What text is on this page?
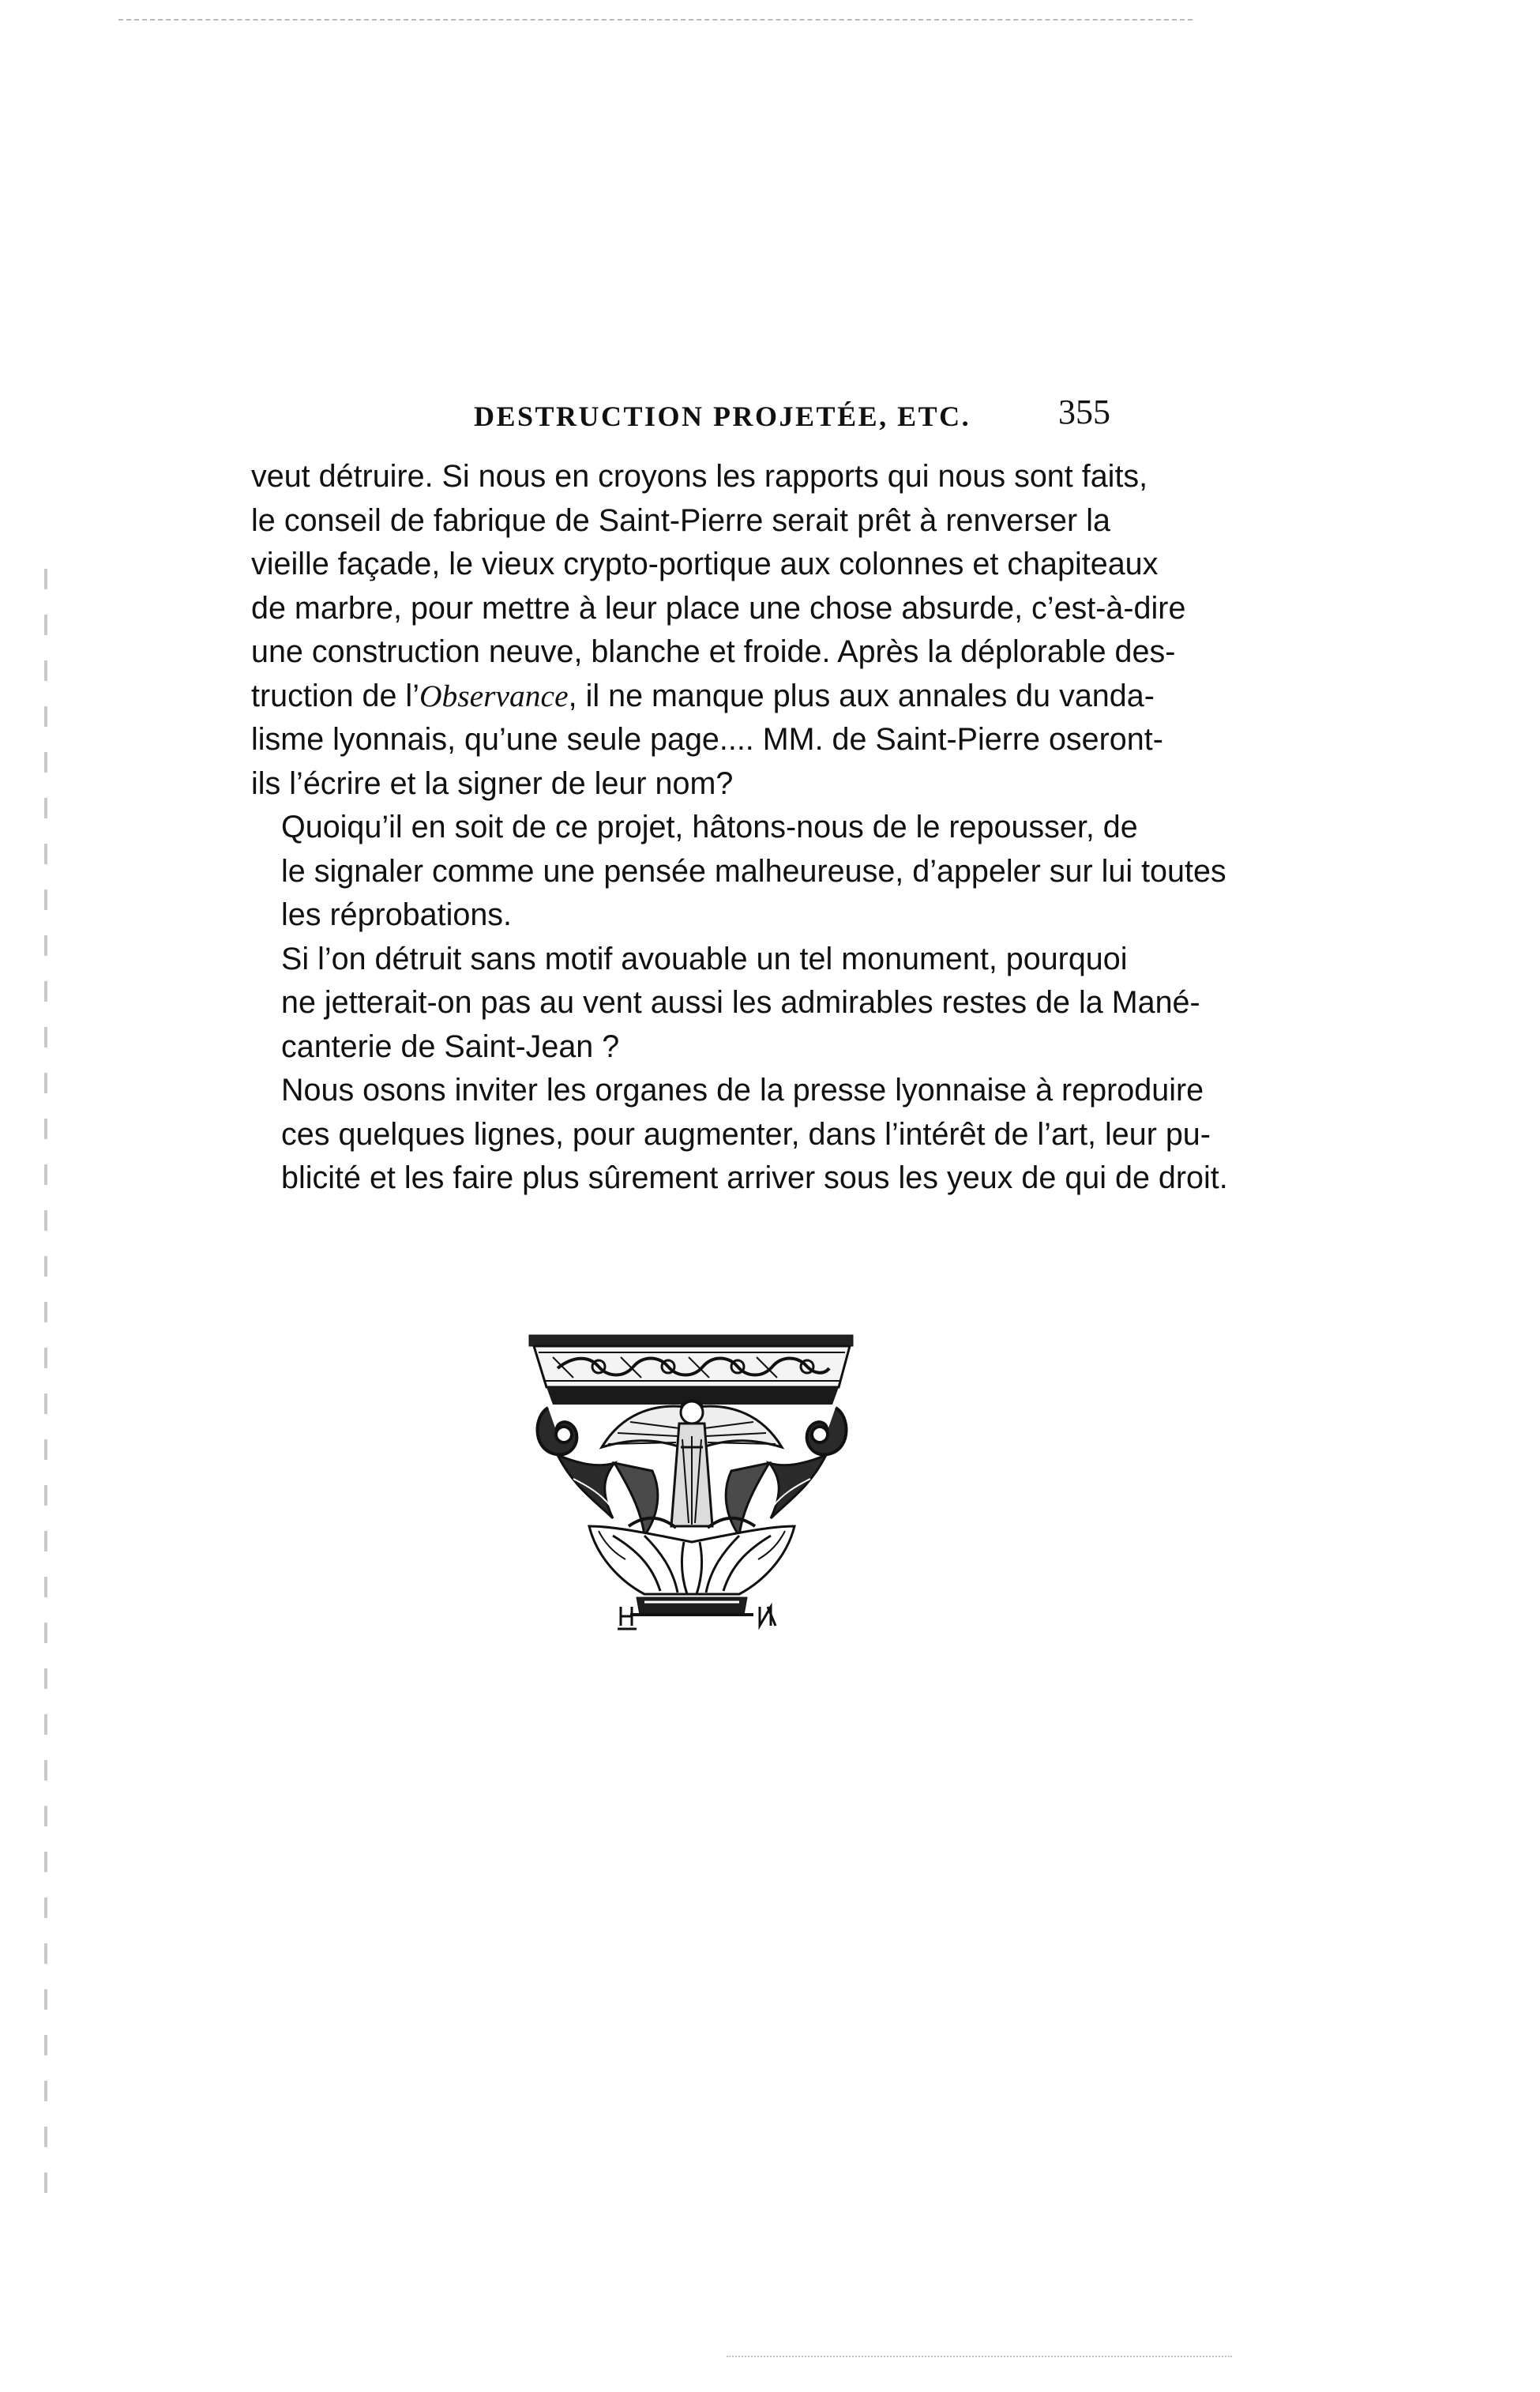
DESTRUCTION PROJETÉE, ETC.	355

veut détruire. Si nous en croyons les rapports qui nous sont faits,
le conseil de fabrique de Saint-Pierre serait prêt à renverser la
vieille façade, le vieux crypto-portique aux colonnes et chapiteaux
de marbre, pour mettre à leur place une chose absurde, c’est-à-dire
une construction neuve, blanche et froide. Après la déplorable des-
truction de l’Observance, il ne manque plus aux annales du vanda-
lisme lyonnais, qu’une seule page.... MM. de Saint-Pierre oseront-
ils l’écrire et la signer de leur nom?

Quoiqu’il en soit de ce projet, hâtons-nous de le repousser, de
le signaler comme une pensée malheureuse, d’appeler sur lui toutes
les réprobations.

Si l’on détruit sans motif avouable un tel monument, pourquoi
ne jetterait-on pas au vent aussi les admirables restes de la Mané-
canterie de Saint-Jean ?

Nous osons inviter les organes de la presse lyonnaise à reproduire
ces quelques lignes, pour augmenter, dans l’intérêt de l’art, leur pu-
blicité et les faire plus sûrement arriver sous les yeux de qui de droit.
